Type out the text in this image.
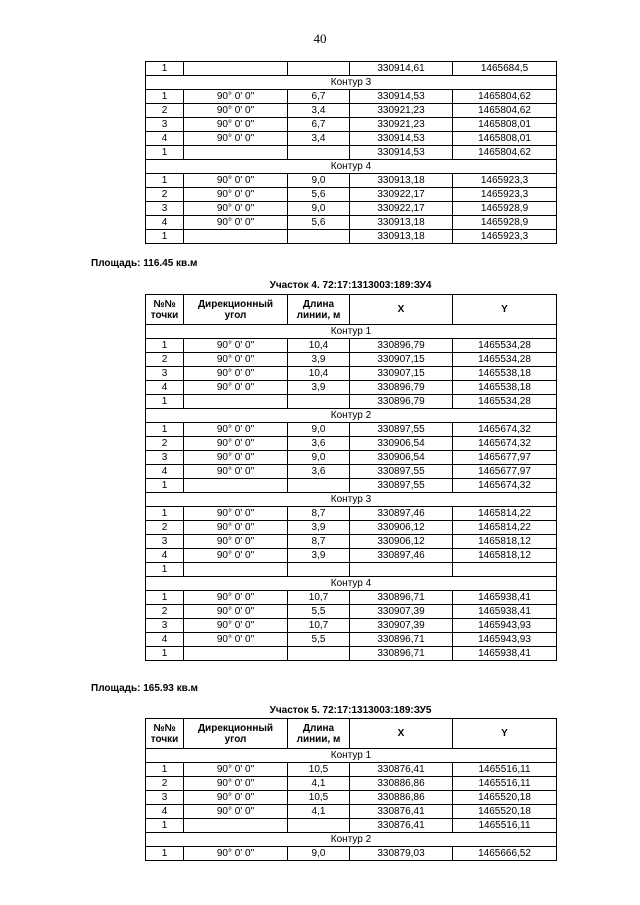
40
1			330914,61	1465684,5
Контур 3				
1	90° 0' 0"	6,7	330914,53	1465804,62
2	90° 0' 0"	3,4	330921,23	1465804,62
3	90° 0' 0"	6,7	330921,23	1465808,01
4	90° 0' 0"	3,4	330914,53	1465808,01
1			330914,53	1465804,62
Контур 4				
1	90° 0' 0"	9,0	330913,18	1465923,3
2	90° 0' 0"	5,6	330922,17	1465923,3
3	90° 0' 0"	9,0	330922,17	1465928,9
4	90° 0' 0"	5,6	330913,18	1465928,9
1			330913,18	1465923,3
Площадь: 116.45 кв.м
Участок 4. 72:17:1313003:189:ЗУ4
№№
точки	Дирекционный
угол	Длина
линии, м	X	Y
Контур 1				
1	90° 0' 0"	10,4	330896,79	1465534,28
2	90° 0' 0"	3,9	330907,15	1465534,28
3	90° 0' 0"	10,4	330907,15	1465538,18
4	90° 0' 0"	3,9	330896,79	1465538,18
1			330896,79	1465534,28
Контур 2				
1	90° 0' 0"	9,0	330897,55	1465674,32
2	90° 0' 0"	3,6	330906,54	1465674,32
3	90° 0' 0"	9,0	330906,54	1465677,97
4	90° 0' 0"	3,6	330897,55	1465677,97
1			330897,55	1465674,32
Контур 3				
1	90° 0' 0"	8,7	330897,46	1465814,22
2	90° 0' 0"	3,9	330906,12	1465814,22
3	90° 0' 0"	8,7	330906,12	1465818,12
4	90° 0' 0"	3,9	330897,46	1465818,12
1				
Контур 4				
1	90° 0' 0"	10,7	330896,71	1465938,41
2	90° 0' 0"	5,5	330907,39	1465938,41
3	90° 0' 0"	10,7	330907,39	1465943,93
4	90° 0' 0"	5,5	330896,71	1465943,93
1			330896,71	1465938,41
Площадь: 165.93 кв.м
Участок 5. 72:17:1313003:189:ЗУ5
№№
точки	Дирекционный
угол	Длина
линии, м	X	Y
Контур 1				
1	90° 0' 0"	10,5	330876,41	1465516,11
2	90° 0' 0"	4,1	330886,86	1465516,11
3	90° 0' 0"	10,5	330886,86	1465520,18
4	90° 0' 0"	4,1	330876,41	1465520,18
1			330876,41	1465516,11
Контур 2				
1	90° 0' 0"	9,0	330879,03	1465666,52
